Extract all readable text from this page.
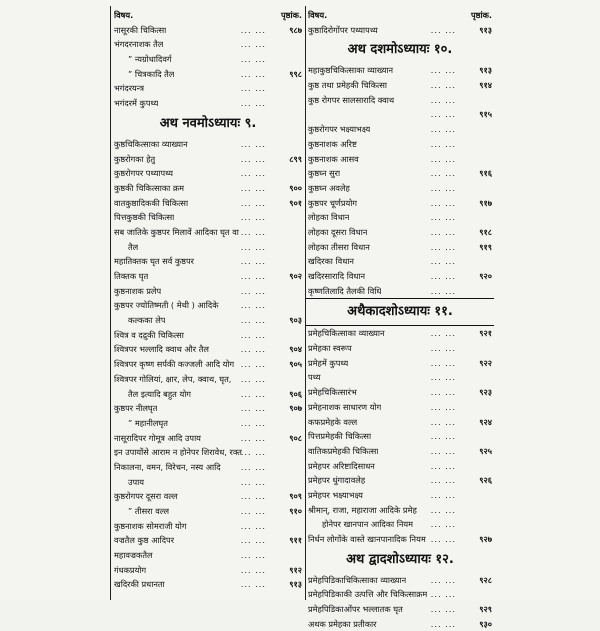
विषय.	पृष्ठांक.
नासूरकी चिकित्सा	... ...	९८७
भंगदरनाशक तैल	... ...
” न्यग्रोधादिवर्ग	... ...
” चित्रकादि तैल	... ...	९९८
भगंदरयन्त्र	... ...
भगंदरमें कुपथ्य	... ...
अथ नवमोऽध्यायः ९.
कुष्ठचिकित्साका व्याख्यान	... ...
कुष्ठरोगका हेतु	... ...	८९९
कुष्ठरोगपर पथ्यापथ्य	... ...
कुष्ठकी चिकित्साका क्रम	... ...	९००
वातकुष्ठादिककी चिकित्सा	... ...	९०१
पित्तकुष्ठकी चिकित्सा	... ...
सब जातिके कुष्ठपर मिलावें आदिका घृत वा ... ...
तैल	... ...
महातिक्तक घृत सर्व कुष्ठपर	... ...
तिक्तक घृत	... ...	९०२
कुष्ठनाशक प्रलेप	... ...
कुष्ठपर ज्योतिष्मती ( मेथी ) आदिके	... ...
कल्कका लेप	... ...	९०३
श्वित्र व दद्रुकी चिकित्सा	... ...
श्वित्रपर भल्लादि क्वाथ और तैल	... ...	९०४
श्वित्रपर कृष्ण सर्पकी कज्जली आदि योग ... ...	९०५
श्वित्रपर गोलियां, क्षार, लेप, क्वाथ, घृत, ... ...
तैल इत्यादि बहुत योग	... ...	९०६
कुष्ठपर नीलघृत	... ...	९०७
” महानीलघृत	... ...
नासूरादिपर गोमूत्र आदि उपाय	... ...	९०८
इन उपायोंसे आराम न होनेपर शिरावेध, रक्त
... ...
निकालना, वमन, विरेचन, नस्य आदि ... ...
उपाय	... ...
कुष्ठरोगपर दूसरा वल्ल	... ...	९०९
” तीसरा वल्ल	... ...	९१०
कुष्ठनाशक सोमराजी योग	... ...
वज्रतैल कुष्ठ आदिपर	... ...	९११
महावज्रकतैल	... ...
गंधकप्रयोग	... ...	९१२
खदिरकी प्रधानता	... ...	९१३
विषय.	पृष्ठांक.
कुष्ठादिरोगोंपर पथ्यापथ्य	... ...	९१३
अथ दशमोऽध्यायः १०.
महाकुष्ठचिकित्साका व्याख्यान	... ...	९१३
कुष्ठ तथा प्रमेहकी चिकित्सा	... ...	९१४
कुष्ठ रोगपर सालसारादि क्वाथ	... ...
... ...	९१५
कुष्ठरोगपर भक्ष्याभक्ष्य	... ...
कुष्ठनाशक अरिष्ट	... ...
कुष्ठनाशक आसव	... ...
कुष्ठघ्न सुरा	... ...	९१६
कुष्ठघ्न अवलेह	... ...
कुष्ठपर चूर्णप्रयोग	... ...	९१७
लोहका विधान	... ...
लोहका दूसरा विधान	... ...	९१८
लोहका तीसरा विधान	... ...	९१९
खदिरका विधान	... ...
खदिरसारादि विधान	... ...	९२०
कृष्णतिलादि तैलकी विधि	... ...
अथैकादशोऽध्यायः ११.
प्रमेहचिकित्साका व्याख्यान	... ...	९२१
प्रमेहका स्वरूप	... ...
प्रमेहमें कुपथ्य	... ...	९२२
पथ्य	... ...
प्रमेहचिकित्सारंभ	... ...	९२३
प्रमेहनाशक साधारण योग	... ...
कफप्रमेहके वल्ल	... ...	९२४
पित्तप्रमेहकी चिकित्सा	... ...
वातिकप्रमेहकी चिकित्सा	... ...	९२५
प्रमेहपर अरिष्टादिसाधन	... ...
प्रमेहपर धुंगादावलेह	... ...	९२६
प्रमेहपर भक्ष्याभक्ष्य	... ...
श्रीमान्, राजा, महाराजा आदिके प्रमेह ... ...
होनेपर खानपान आदिका नियम ... ...
निर्धन लोगोंके वास्ते खानपानादिक नियम ... ...	९२७
अथ द्वादशोऽध्यायः १२.
प्रमेहपिडिकाचिकित्साका व्याख्यान	... ...	९२८
प्रमेहपिडिकाकी उत्पत्ति और चिकित्साक्रम ... ...
प्रमेहपिडिकाओंपर भल्लातक घृत	... ...	९२९
अथक प्रमेहका प्रतीकार	... ...	९३०
